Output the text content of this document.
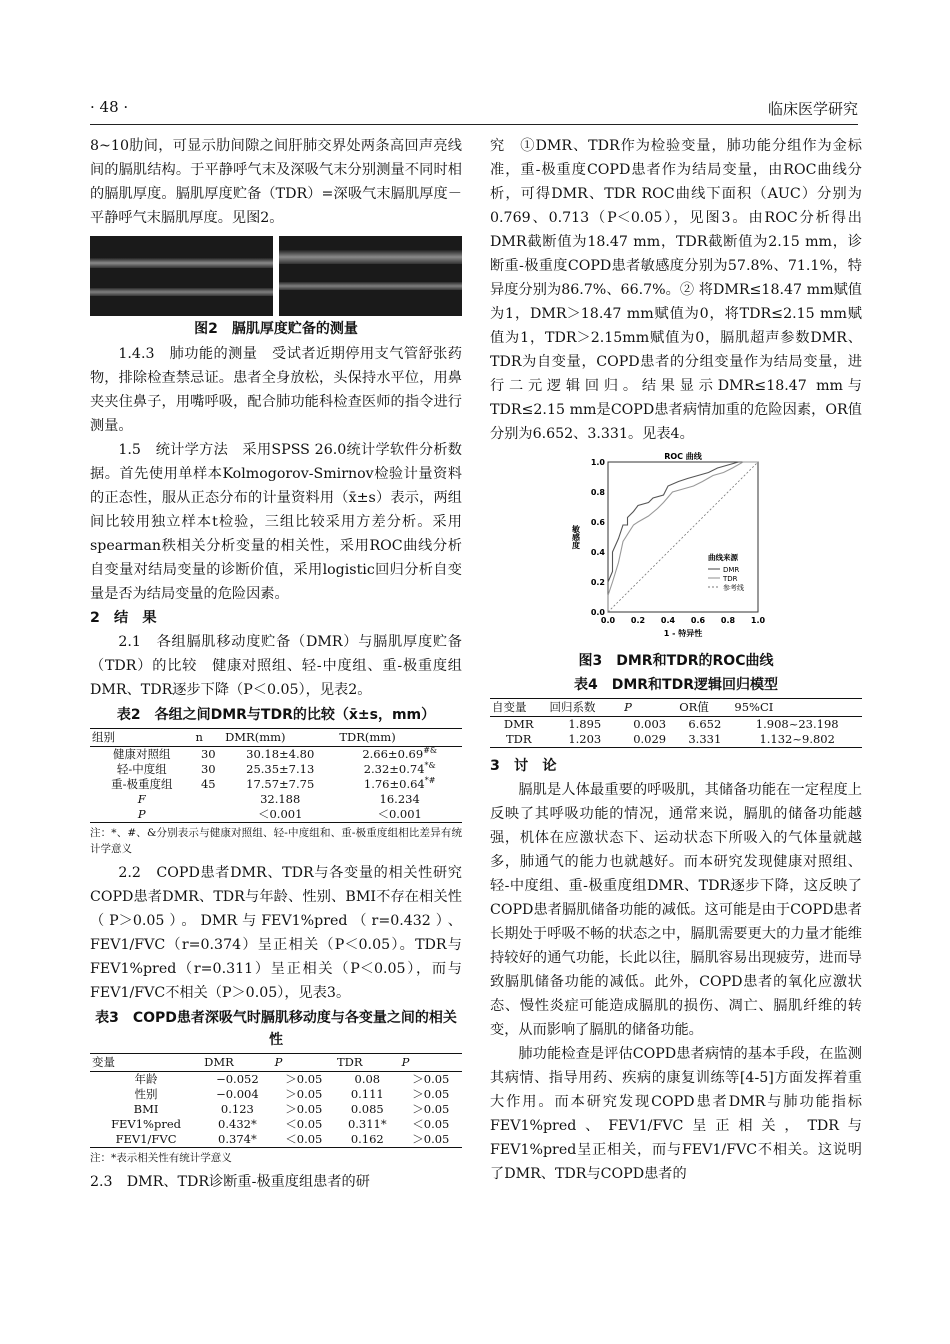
· 48 ·	临床医学研究

8~10肋间，可显示肋间隙之间肝肺交界处两条高回声亮线间的膈肌结构。于平静呼气末及深吸气末分别测量不同时相的膈肌厚度。膈肌厚度贮备（TDR）=深吸气末膈肌厚度－平静呼气末膈肌厚度。见图2。

图2　膈肌厚度贮备的测量

1.4.3　肺功能的测量　受试者近期停用支气管舒张药物，排除检查禁忌证。患者全身放松，头保持水平位，用鼻夹夹住鼻子，用嘴呼吸，配合肺功能科检查医师的指令进行测量。

1.5　统计学方法　采用SPSS 26.0统计学软件分析数据。首先使用单样本Kolmogorov-Smirnov检验计量资料的正态性，服从正态分布的计量资料用（x̄±s）表示，两组间比较用独立样本t检验，三组比较采用方差分析。采用spearman秩相关分析变量的相关性，采用ROC曲线分析自变量对结局变量的诊断价值，采用logistic回归分析自变量是否为结局变量的危险因素。

2　结　果

2.1　各组膈肌移动度贮备（DMR）与膈肌厚度贮备（TDR）的比较　健康对照组、轻-中度组、重-极重度组DMR、TDR逐步下降（P＜0.05），见表2。

表2　各组之间DMR与TDR的比较（x̄±s，mm）

组别	n	DMR(mm)	TDR(mm)
健康对照组	30	30.18±4.80	2.66±0.69#&
轻-中度组	30	25.35±7.13	2.32±0.74*&
重-极重度组	45	17.57±7.75	1.76±0.64*#
F		32.188	16.234
P		＜0.001	＜0.001

注：*、#、&分别表示与健康对照组、轻-中度组和、重-极重度组相比差异有统计学意义

2.2　COPD患者DMR、TDR与各变量的相关性研究　COPD患者DMR、TDR与年龄、性别、BMI不存在相关性（P＞0.05）。DMR与FEV1%pred（r=0.432）、FEV1/FVC（r=0.374）呈正相关（P＜0.05）。TDR与FEV1%pred（r=0.311）呈正相关（P＜0.05），而与FEV1/FVC不相关（P＞0.05），见表3。

表3　COPD患者深吸气时膈肌移动度与各变量之间的相关性

变量	DMR	P	TDR	P
年龄	−0.052	＞0.05	0.08	＞0.05
性别	−0.004	＞0.05	0.111	＞0.05
BMI	0.123	＞0.05	0.085	＞0.05
FEV1%pred	0.432*	＜0.05	0.311*	＜0.05
FEV1/FVC	0.374*	＜0.05	0.162	＞0.05

注：*表示相关性有统计学意义

2.3　DMR、TDR诊断重-极重度组患者的研

究　①DMR、TDR作为检验变量，肺功能分组作为金标准，重-极重度COPD患者作为结局变量，由ROC曲线分析，可得DMR、TDR ROC曲线下面积（AUC）分别为0.769、0.713（P＜0.05），见图3。由ROC分析得出DMR截断值为18.47 mm，TDR截断值为2.15 mm，诊断重-极重度COPD患者敏感度分别为57.8%、71.1%，特异度分别为86.7%、66.7%。② 将DMR≤18.47 mm赋值为1，DMR＞18.47 mm赋值为0，将TDR≤2.15 mm赋值为1，TDR＞2.15mm赋值为0，膈肌超声参数DMR、TDR为自变量，COPD患者的分组变量作为结局变量，进行二元逻辑回归。结果显示DMR≤18.47 mm与TDR≤2.15 mm是COPD患者病情加重的危险因素，OR值分别为6.652、3.331。见表4。

0.0
0.0
0.2
0.2
0.4
0.4
0.6
0.6
0.8
0.8
1.0
1.0
ROC 曲线
1 - 特异性
敏感度
曲线来源
DMR
TDR
参考线

图3　DMR和TDR的ROC曲线

表4　DMR和TDR逻辑回归模型

自变量	回归系数	P	OR值	95%CI
DMR	1.895	0.003	6.652	1.908~23.198
TDR	1.203	0.029	3.331	1.132~9.802

3　讨　论

膈肌是人体最重要的呼吸肌，其储备功能在一定程度上反映了其呼吸功能的情况，通常来说，膈肌的储备功能越强，机体在应激状态下、运动状态下所吸入的气体量就越多，肺通气的能力也就越好。而本研究发现健康对照组、轻-中度组、重-极重度组DMR、TDR逐步下降，这反映了COPD患者膈肌储备功能的减低。这可能是由于COPD患者长期处于呼吸不畅的状态之中，膈肌需要更大的力量才能维持较好的通气功能，长此以往，膈肌容易出现疲劳，进而导致膈肌储备功能的减低。此外，COPD患者的氧化应激状态、慢性炎症可能造成膈肌的损伤、凋亡、膈肌纤维的转变，从而影响了膈肌的储备功能。

肺功能检查是评估COPD患者病情的基本手段，在监测其病情、指导用药、疾病的康复训练等[4-5]方面发挥着重大作用。而本研究发现COPD患者DMR与肺功能指标FEV1%pred、FEV1/FVC呈正相关，TDR与FEV1%pred呈正相关，而与FEV1/FVC不相关。这说明了DMR、TDR与COPD患者的
